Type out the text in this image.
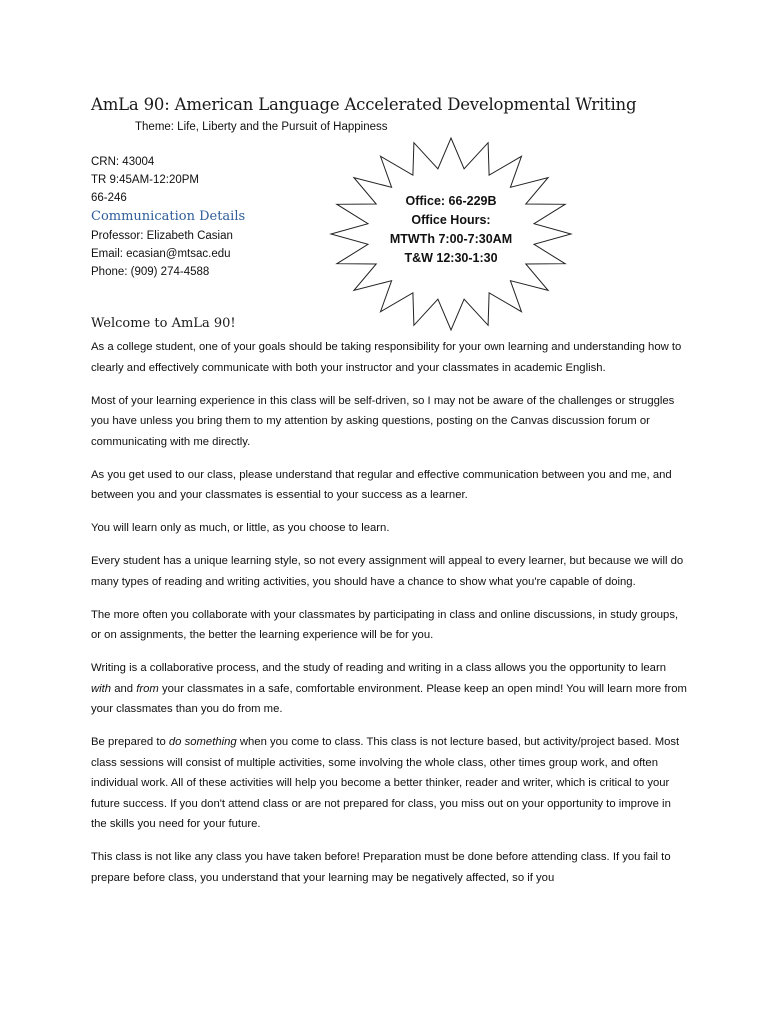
AmLa 90: American Language Accelerated Developmental Writing
Theme: Life, Liberty and the Pursuit of Happiness
CRN: 43004
TR 9:45AM-12:20PM
66-246
Communication Details
Professor: Elizabeth Casian
Email: ecasian@mtsac.edu
Phone: (909) 274-4588
Office: 66-229B
Office Hours:
MTWTh 7:00-7:30AM
T&W 12:30-1:30
Welcome to AmLa 90!

As a college student, one of your goals should be taking responsibility for your own learning and understanding how to clearly and effectively communicate with both your instructor and your classmates in academic English.

Most of your learning experience in this class will be self-driven, so I may not be aware of the challenges or struggles you have unless you bring them to my attention by asking questions, posting on the Canvas discussion forum or communicating with me directly.

As you get used to our class, please understand that regular and effective communication between you and me, and between you and your classmates is essential to your success as a learner.

You will learn only as much, or little, as you choose to learn.

Every student has a unique learning style, so not every assignment will appeal to every learner, but because we will do many types of reading and writing activities, you should have a chance to show what you're capable of doing.

The more often you collaborate with your classmates by participating in class and online discussions, in study groups, or on assignments, the better the learning experience will be for you.

Writing is a collaborative process, and the study of reading and writing in a class allows you the opportunity to learn with and from your classmates in a safe, comfortable environment. Please keep an open mind! You will learn more from your classmates than you do from me.

Be prepared to do something when you come to class. This class is not lecture based, but activity/project based. Most class sessions will consist of multiple activities, some involving the whole class, other times group work, and often individual work. All of these activities will help you become a better thinker, reader and writer, which is critical to your future success. If you don't attend class or are not prepared for class, you miss out on your opportunity to improve in the skills you need for your future.

This class is not like any class you have taken before! Preparation must be done before attending class. If you fail to prepare before class, you understand that your learning may be negatively affected, so if you
